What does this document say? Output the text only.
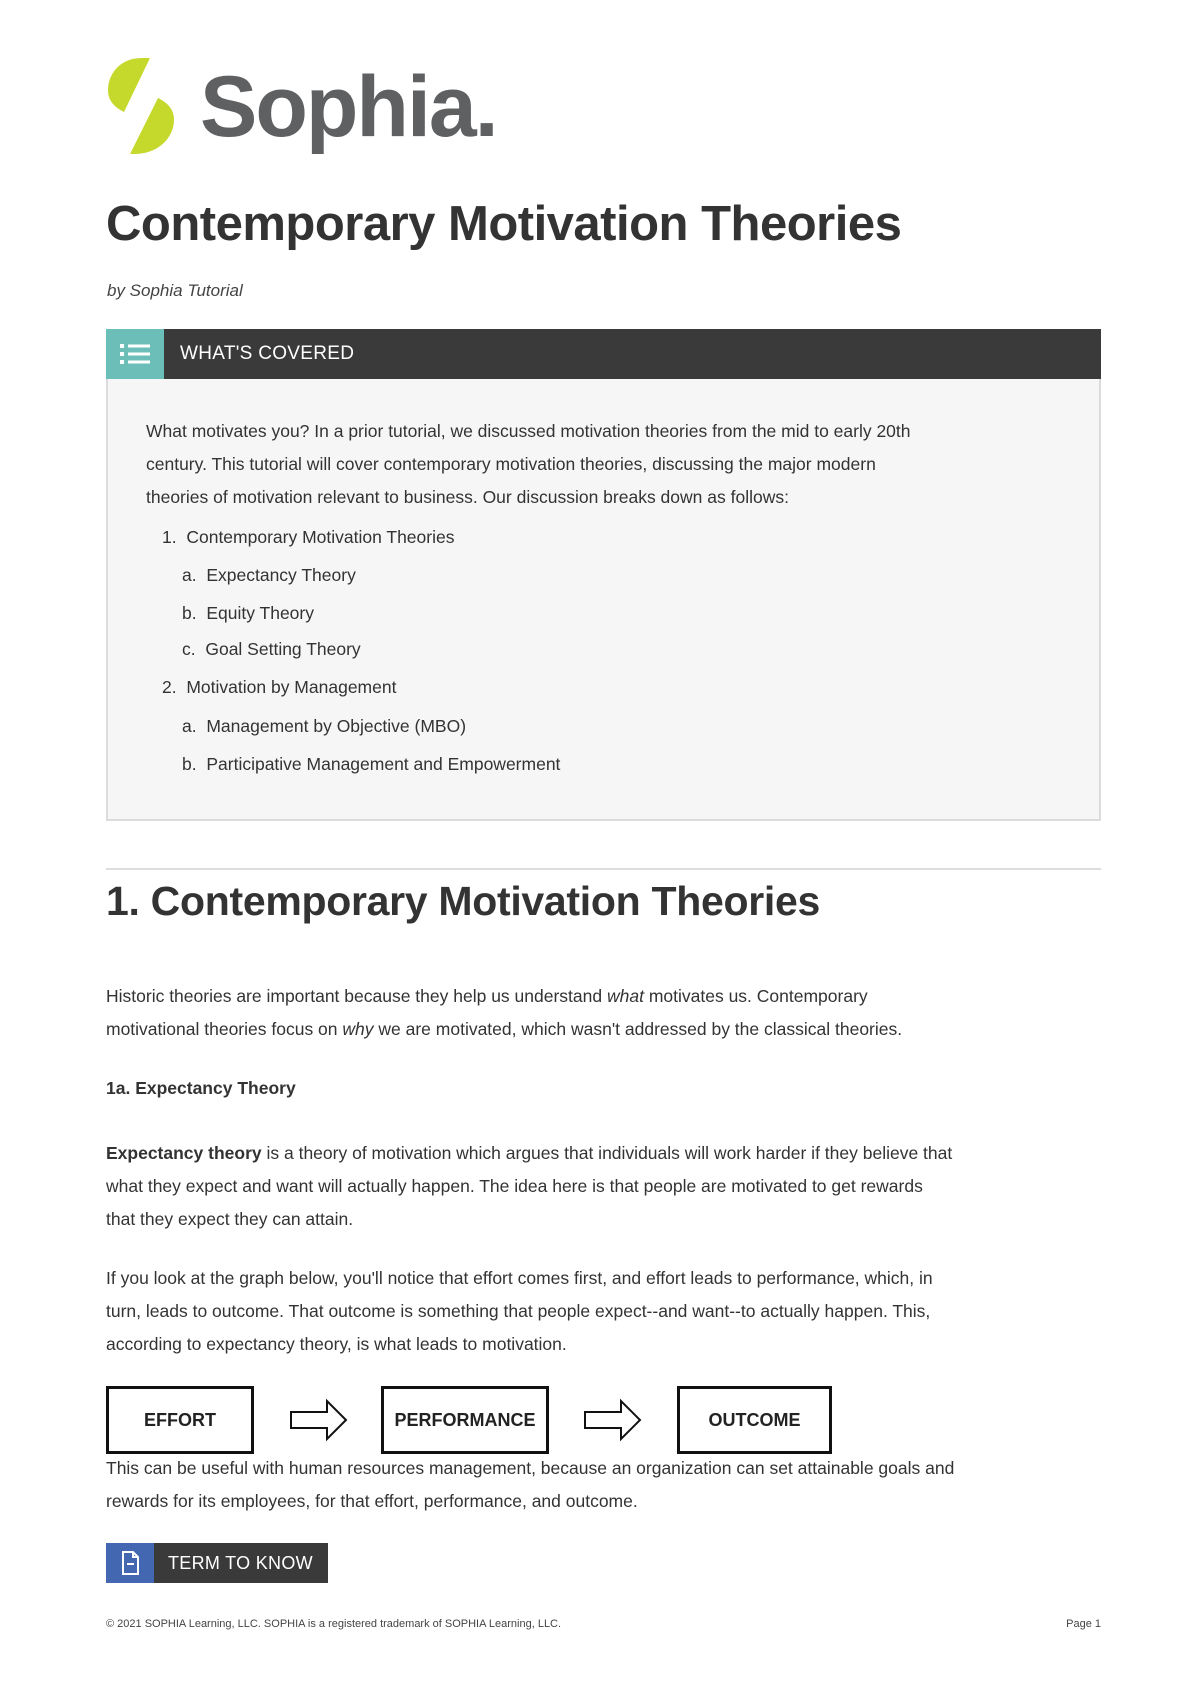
Sophia.
Contemporary Motivation Theories
by Sophia Tutorial
WHAT'S COVERED
What motivates you? In a prior tutorial, we discussed motivation theories from the mid to early 20th
century. This tutorial will cover contemporary motivation theories, discussing the major modern
theories of motivation relevant to business. Our discussion breaks down as follows:
1. Contemporary Motivation Theories
a. Expectancy Theory
b. Equity Theory
c. Goal Setting Theory
2. Motivation by Management
a. Management by Objective (MBO)
b. Participative Management and Empowerment
1. Contemporary Motivation Theories
Historic theories are important because they help us understand what motivates us. Contemporary
motivational theories focus on why we are motivated, which wasn't addressed by the classical theories.
1a. Expectancy Theory
Expectancy theory is a theory of motivation which argues that individuals will work harder if they believe that
what they expect and want will actually happen. The idea here is that people are motivated to get rewards
that they expect they can attain.
If you look at the graph below, you'll notice that effort comes first, and effort leads to performance, which, in
turn, leads to outcome. That outcome is something that people expect--and want--to actually happen. This,
according to expectancy theory, is what leads to motivation.
EFFORT	PERFORMANCE	OUTCOME
This can be useful with human resources management, because an organization can set attainable goals and
rewards for its employees, for that effort, performance, and outcome.
TERM TO KNOW
© 2021 SOPHIA Learning, LLC. SOPHIA is a registered trademark of SOPHIA Learning, LLC.	Page 1
